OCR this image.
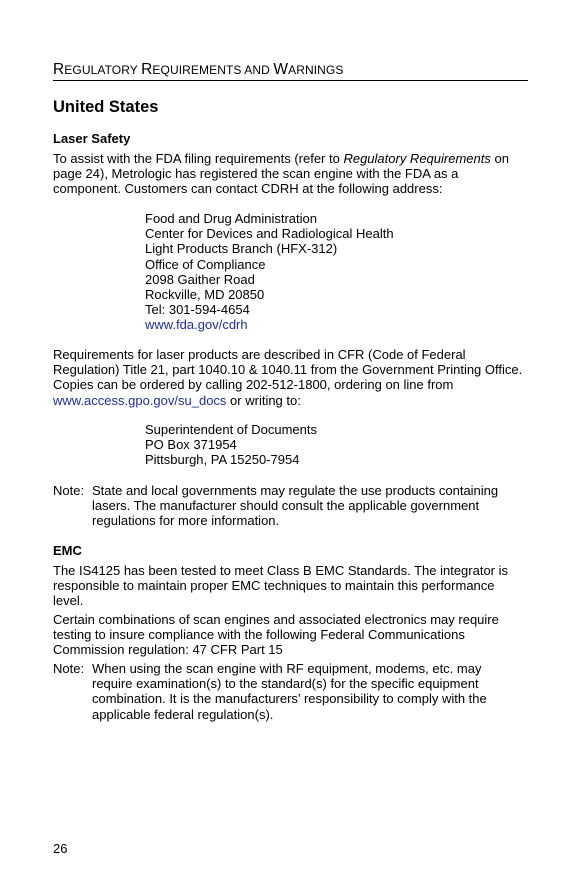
REGULATORY REQUIREMENTS AND WARNINGS
United States
Laser Safety
To assist with the FDA filing requirements (refer to Regulatory Requirements on
page 24), Metrologic has registered the scan engine with the FDA as a
component. Customers can contact CDRH at the following address:
Food and Drug Administration
Center for Devices and Radiological Health
Light Products Branch (HFX-312)
Office of Compliance
2098 Gaither Road
Rockville, MD 20850
Tel: 301-594-4654
www.fda.gov/cdrh
Requirements for laser products are described in CFR (Code of Federal
Regulation) Title 21, part 1040.10 & 1040.11 from the Government Printing Office.
Copies can be ordered by calling 202-512-1800, ordering on line from
www.access.gpo.gov/su_docs or writing to:
Superintendent of Documents
PO Box 371954
Pittsburgh, PA 15250-7954
Note: State and local governments may regulate the use products containing
lasers. The manufacturer should consult the applicable government
regulations for more information.
EMC
The IS4125 has been tested to meet Class B EMC Standards. The integrator is
responsible to maintain proper EMC techniques to maintain this performance
level.
Certain combinations of scan engines and associated electronics may require
testing to insure compliance with the following Federal Communications
Commission regulation: 47 CFR Part 15
Note: When using the scan engine with RF equipment, modems, etc. may
require examination(s) to the standard(s) for the specific equipment
combination. It is the manufacturers’ responsibility to comply with the
applicable federal regulation(s).
26
